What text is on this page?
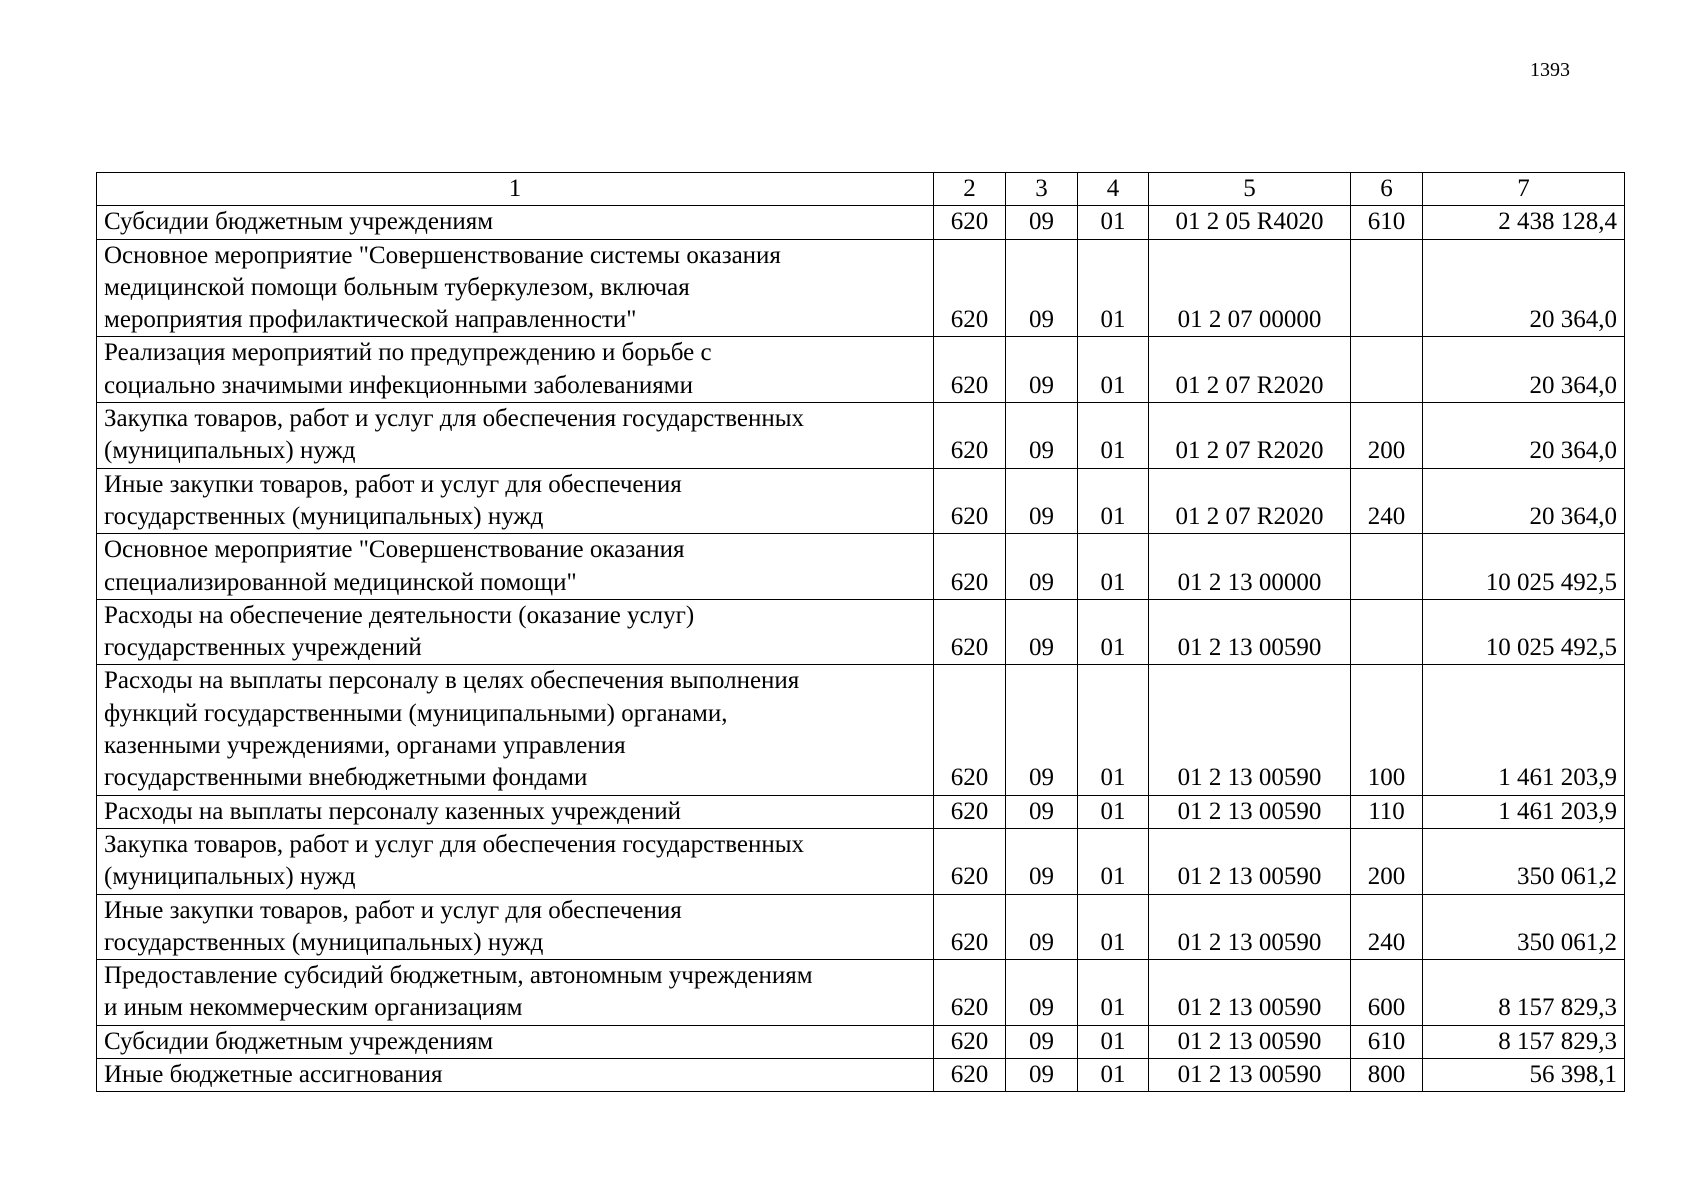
1393
1	2	3	4	5	6	7

Субсидии бюджетным учреждениям	620	09	01	01 2 05 R4020	610	2 438 128,4

Основное мероприятие "Совершенствование системы оказания
медицинской помощи больным туберкулезом, включая
мероприятия профилактической направленности"	620	09	01	01 2 07 00000		20 364,0

Реализация мероприятий по предупреждению и борьбе с
социально значимыми инфекционными заболеваниями	620	09	01	01 2 07 R2020		20 364,0

Закупка товаров, работ и услуг для обеспечения государственных
(муниципальных) нужд	620	09	01	01 2 07 R2020	200	20 364,0

Иные закупки товаров, работ и услуг для обеспечения
государственных (муниципальных) нужд	620	09	01	01 2 07 R2020	240	20 364,0

Основное мероприятие "Совершенствование оказания
специализированной медицинской помощи"	620	09	01	01 2 13 00000		10 025 492,5

Расходы на обеспечение деятельности (оказание услуг)
государственных учреждений	620	09	01	01 2 13 00590		10 025 492,5

Расходы на выплаты персоналу в целях обеспечения выполнения
функций государственными (муниципальными) органами,
казенными учреждениями, органами управления
государственными внебюджетными фондами	620	09	01	01 2 13 00590	100	1 461 203,9

Расходы на выплаты персоналу казенных учреждений	620	09	01	01 2 13 00590	110	1 461 203,9

Закупка товаров, работ и услуг для обеспечения государственных
(муниципальных) нужд	620	09	01	01 2 13 00590	200	350 061,2

Иные закупки товаров, работ и услуг для обеспечения
государственных (муниципальных) нужд	620	09	01	01 2 13 00590	240	350 061,2

Предоставление субсидий бюджетным, автономным учреждениям
и иным некоммерческим организациям	620	09	01	01 2 13 00590	600	8 157 829,3

Субсидии бюджетным учреждениям	620	09	01	01 2 13 00590	610	8 157 829,3

Иные бюджетные ассигнования	620	09	01	01 2 13 00590	800	56 398,1
